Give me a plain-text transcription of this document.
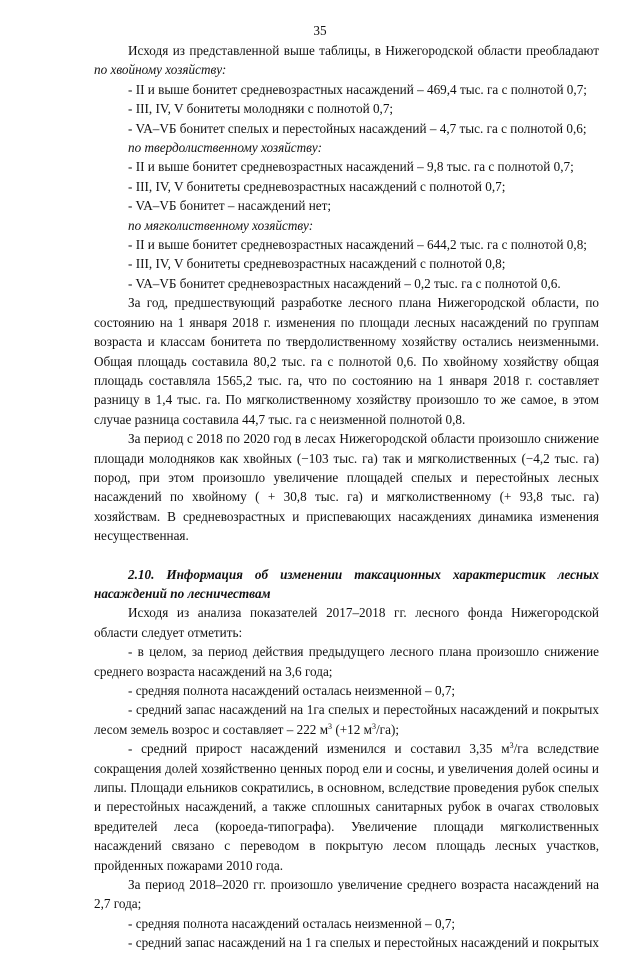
35

Исходя из представленной выше таблицы, в Нижегородской области преобладают

по хвойному хозяйству:

- II и выше бонитет средневозрастных насаждений – 469,4 тыс. га с полнотой 0,7;

- III, IV, V бонитеты молодняки с полнотой 0,7;

- VA–VБ бонитет спелых и перестойных насаждений – 4,7 тыс. га с полнотой 0,6;

по твердолиственному хозяйству:

- II и выше бонитет средневозрастных насаждений – 9,8 тыс. га с полнотой 0,7;

- III, IV, V бонитеты средневозрастных насаждений с полнотой 0,7;

- VA–VБ бонитет – насаждений нет;

по мягколиственному хозяйству:

- II и выше бонитет средневозрастных насаждений – 644,2 тыс. га с полнотой 0,8;

- III, IV, V бонитеты средневозрастных насаждений с полнотой 0,8;

- VA–VБ бонитет средневозрастных насаждений – 0,2 тыс. га с полнотой 0,6.

За год, предшествующий разработке лесного плана Нижегородской области, по состоянию на 1 января 2018 г. изменения по площади лесных насаждений по группам возраста и классам бонитета по твердолиственному хозяйству остались неизменными. Общая площадь составила 80,2 тыс. га с полнотой 0,6. По хвойному хозяйству общая площадь составляла 1565,2 тыс. га, что по состоянию на 1 января 2018 г. составляет разницу в 1,4 тыс. га. По мягколиственному хозяйству произошло то же самое, в этом случае разница составила 44,7 тыс. га с неизменной полнотой 0,8.

За период с 2018 по 2020 год в лесах Нижегородской области произошло снижение площади молодняков как хвойных (−103 тыс. га) так и мягколиственных (−4,2 тыс. га) пород, при этом произошло увеличение площадей спелых и перестойных лесных насаждений по хвойному ( + 30,8 тыс. га) и мягколиственному (+ 93,8 тыс. га) хозяйствам. В средневозрастных и приспевающих насаждениях динамика изменения несущественная.

2.10. Информация об изменении таксационных характеристик лесных насаждений по лесничествам

Исходя из анализа показателей 2017–2018 гг. лесного фонда Нижегородской области следует отметить:

- в целом, за период действия предыдущего лесного плана произошло снижение среднего возраста насаждений на 3,6 года;

- средняя полнота насаждений осталась неизменной – 0,7;

- средний запас насаждений на 1га спелых и перестойных насаждений и покрытых лесом земель возрос и составляет – 222 $м^3$ (+12 $м^3/га$);

- средний прирост насаждений изменился и составил 3,35 $м^3/га$ вследствие сокращения долей хозяйственно ценных пород ели и сосны, и увеличения долей осины и липы. Площади ельников сократились, в основном, вследствие проведения рубок спелых и перестойных насаждений, а также сплошных санитарных рубок в очагах стволовых вредителей леса (короеда-типографа). Увеличение площади мягколиственных насаждений связано с переводом в покрытую лесом площадь лесных участков, пройденных пожарами 2010 года.

За период 2018–2020 гг. произошло увеличение среднего возраста насаждений на 2,7 года;

- средняя полнота насаждений осталась неизменной – 0,7;

- средний запас насаждений на 1 га спелых и перестойных насаждений и покрытых
